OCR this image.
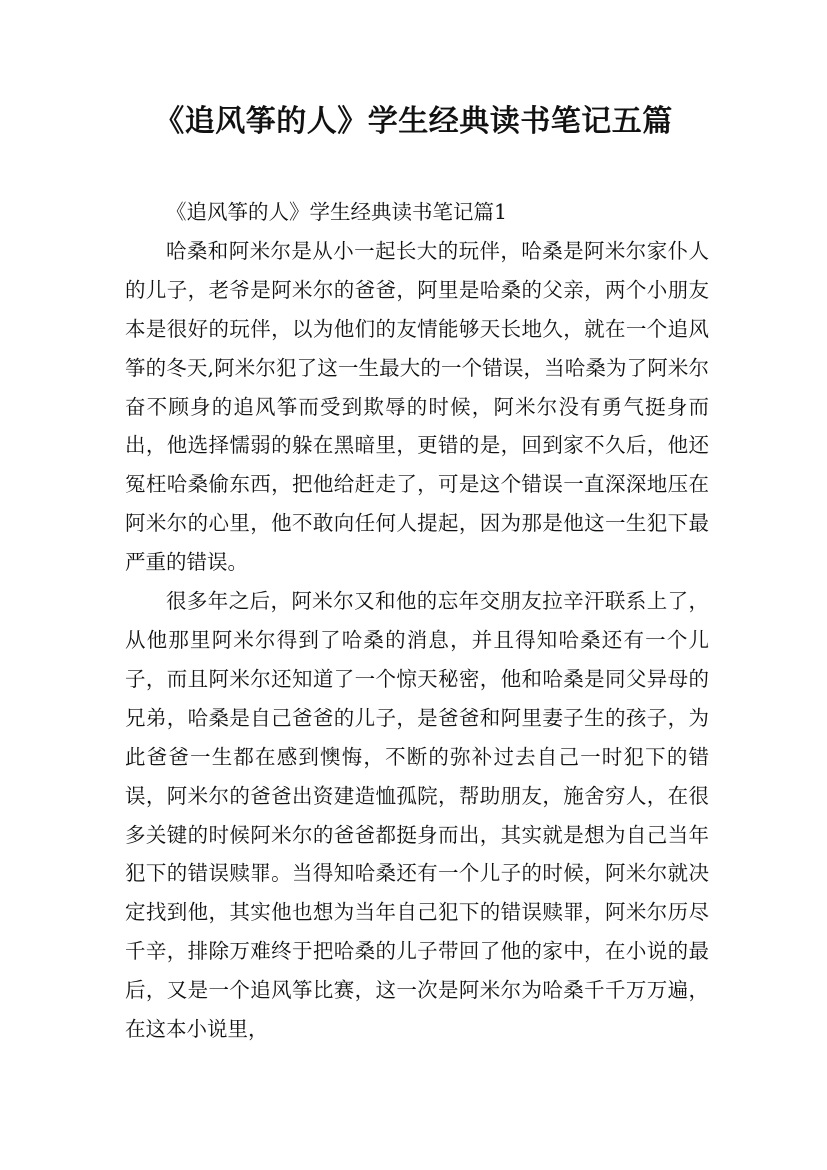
《追风筝的人》学生经典读书笔记五篇

《追风筝的人》学生经典读书笔记篇1

哈桑和阿米尔是从小一起长大的玩伴，哈桑是阿米尔家仆人的儿子，老爷是阿米尔的爸爸，阿里是哈桑的父亲，两个小朋友本是很好的玩伴，以为他们的友情能够天长地久，就在一个追风筝的冬天,阿米尔犯了这一生最大的一个错误，当哈桑为了阿米尔奋不顾身的追风筝而受到欺辱的时候，阿米尔没有勇气挺身而出，他选择懦弱的躲在黑暗里，更错的是，回到家不久后，他还冤枉哈桑偷东西，把他给赶走了，可是这个错误一直深深地压在阿米尔的心里，他不敢向任何人提起，因为那是他这一生犯下最严重的错误。

很多年之后，阿米尔又和他的忘年交朋友拉辛汗联系上了，从他那里阿米尔得到了哈桑的消息，并且得知哈桑还有一个儿子，而且阿米尔还知道了一个惊天秘密，他和哈桑是同父异母的兄弟，哈桑是自己爸爸的儿子，是爸爸和阿里妻子生的孩子，为此爸爸一生都在感到懊悔，不断的弥补过去自己一时犯下的错误，阿米尔的爸爸出资建造恤孤院，帮助朋友，施舍穷人，在很多关键的时候阿米尔的爸爸都挺身而出，其实就是想为自己当年犯下的错误赎罪。当得知哈桑还有一个儿子的时候，阿米尔就决定找到他，其实他也想为当年自己犯下的错误赎罪，阿米尔历尽千辛，排除万难终于把哈桑的儿子带回了他的家中，在小说的最后，又是一个追风筝比赛，这一次是阿米尔为哈桑千千万万遍，在这本小说里，
